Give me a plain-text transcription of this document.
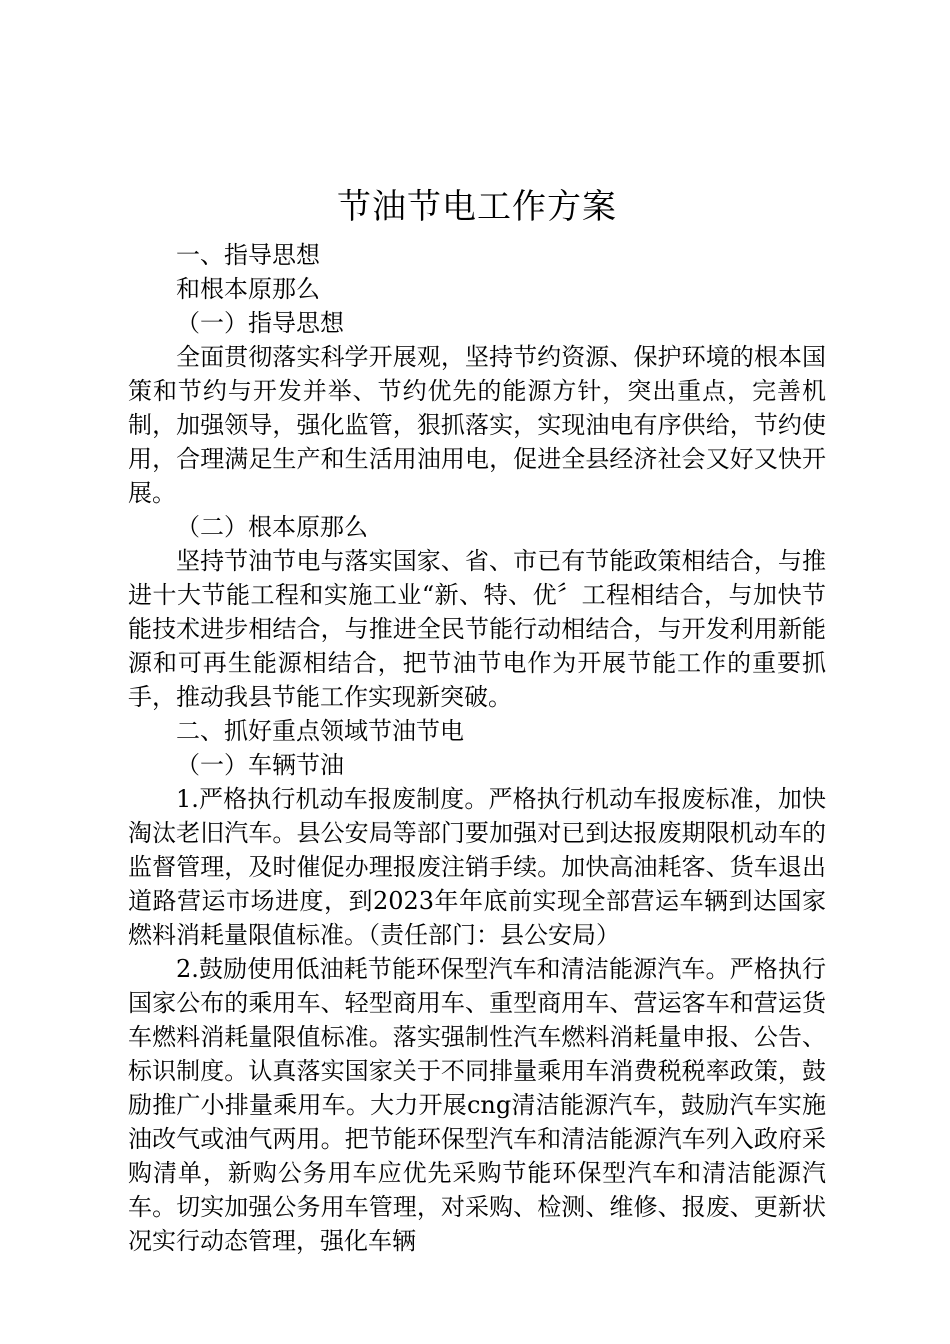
节油节电工作方案

一、指导思想

和根本原那么

（一）指导思想

全面贯彻落实科学开展观，坚持节约资源、保护环境的根本国策和节约与开发并举、节约优先的能源方针，突出重点，完善机制，加强领导，强化监管，狠抓落实，实现油电有序供给，节约使用，合理满足生产和生活用油用电，促进全县经济社会又好又快开展。

（二）根本原那么

坚持节油节电与落实国家、省、市已有节能政策相结合，与推进十大节能工程和实施工业“新、特、优〞工程相结合，与加快节能技术进步相结合，与推进全民节能行动相结合，与开发利用新能源和可再生能源相结合，把节油节电作为开展节能工作的重要抓手，推动我县节能工作实现新突破。

二、抓好重点领域节油节电

（一）车辆节油

1.严格执行机动车报废制度。严格执行机动车报废标准，加快淘汰老旧汽车。县公安局等部门要加强对已到达报废期限机动车的监督管理，及时催促办理报废注销手续。加快高油耗客、货车退出道路营运市场进度，到2023年年底前实现全部营运车辆到达国家燃料消耗量限值标准。（责任部门：县公安局）

2.鼓励使用低油耗节能环保型汽车和清洁能源汽车。严格执行国家公布的乘用车、轻型商用车、重型商用车、营运客车和营运货车燃料消耗量限值标准。落实强制性汽车燃料消耗量申报、公告、标识制度。认真落实国家关于不同排量乘用车消费税税率政策，鼓励推广小排量乘用车。大力开展cng清洁能源汽车，鼓励汽车实施油改气或油气两用。把节能环保型汽车和清洁能源汽车列入政府采购清单，新购公务用车应优先采购节能环保型汽车和清洁能源汽车。切实加强公务用车管理，对采购、检测、维修、报废、更新状况实行动态管理，强化车辆
